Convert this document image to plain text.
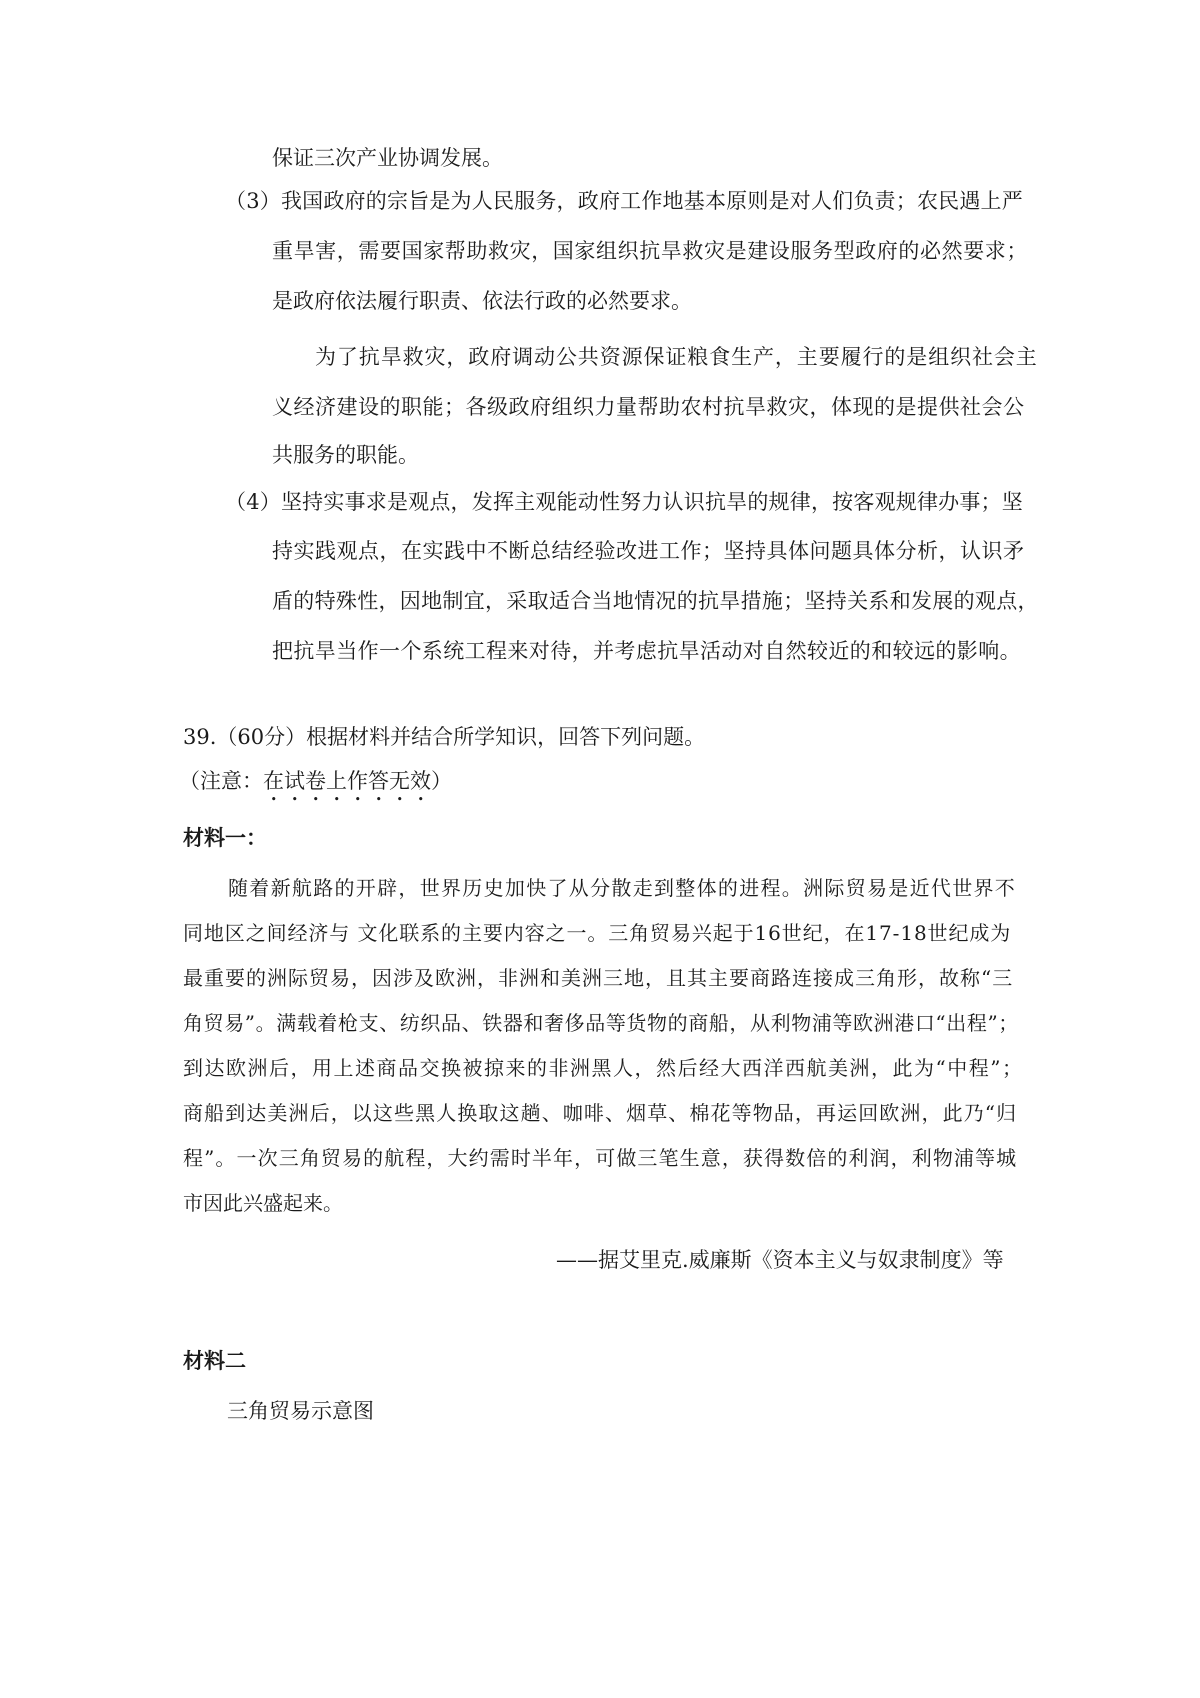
保证三次产业协调发展。
（3）我国政府的宗旨是为人民服务，政府工作地基本原则是对人们负责；农民遇上严
重旱害，需要国家帮助救灾，国家组织抗旱救灾是建设服务型政府的必然要求；
是政府依法履行职责、依法行政的必然要求。
为了抗旱救灾，政府调动公共资源保证粮食生产，主要履行的是组织社会主
义经济建设的职能；各级政府组织力量帮助农村抗旱救灾，体现的是提供社会公
共服务的职能。
（4）坚持实事求是观点，发挥主观能动性努力认识抗旱的规律，按客观规律办事；坚
持实践观点，在实践中不断总结经验改进工作；坚持具体问题具体分析，认识矛
盾的特殊性，因地制宜，采取适合当地情况的抗旱措施；坚持关系和发展的观点，
把抗旱当作一个系统工程来对待，并考虑抗旱活动对自然较近的和较远的影响。
39.（60分）根据材料并结合所学知识，回答下列问题。
（注意：在试卷上作答无效）
材料一：
随着新航路的开辟，世界历史加快了从分散走到整体的进程。洲际贸易是近代世界不
同地区之间经济与 文化联系的主要内容之一。三角贸易兴起于16世纪，在17-18世纪成为
最重要的洲际贸易，因涉及欧洲，非洲和美洲三地，且其主要商路连接成三角形，故称“三
角贸易”。满载着枪支、纺织品、铁器和奢侈品等货物的商船，从利物浦等欧洲港口“出程”；
到达欧洲后，用上述商品交换被掠来的非洲黑人，然后经大西洋西航美洲，此为“中程”；
商船到达美洲后，以这些黑人换取这趟、咖啡、烟草、棉花等物品，再运回欧洲，此乃“归
程”。一次三角贸易的航程，大约需时半年，可做三笔生意，获得数倍的利润，利物浦等城
市因此兴盛起来。
——据艾里克.威廉斯《资本主义与奴隶制度》等
材料二
三角贸易示意图
